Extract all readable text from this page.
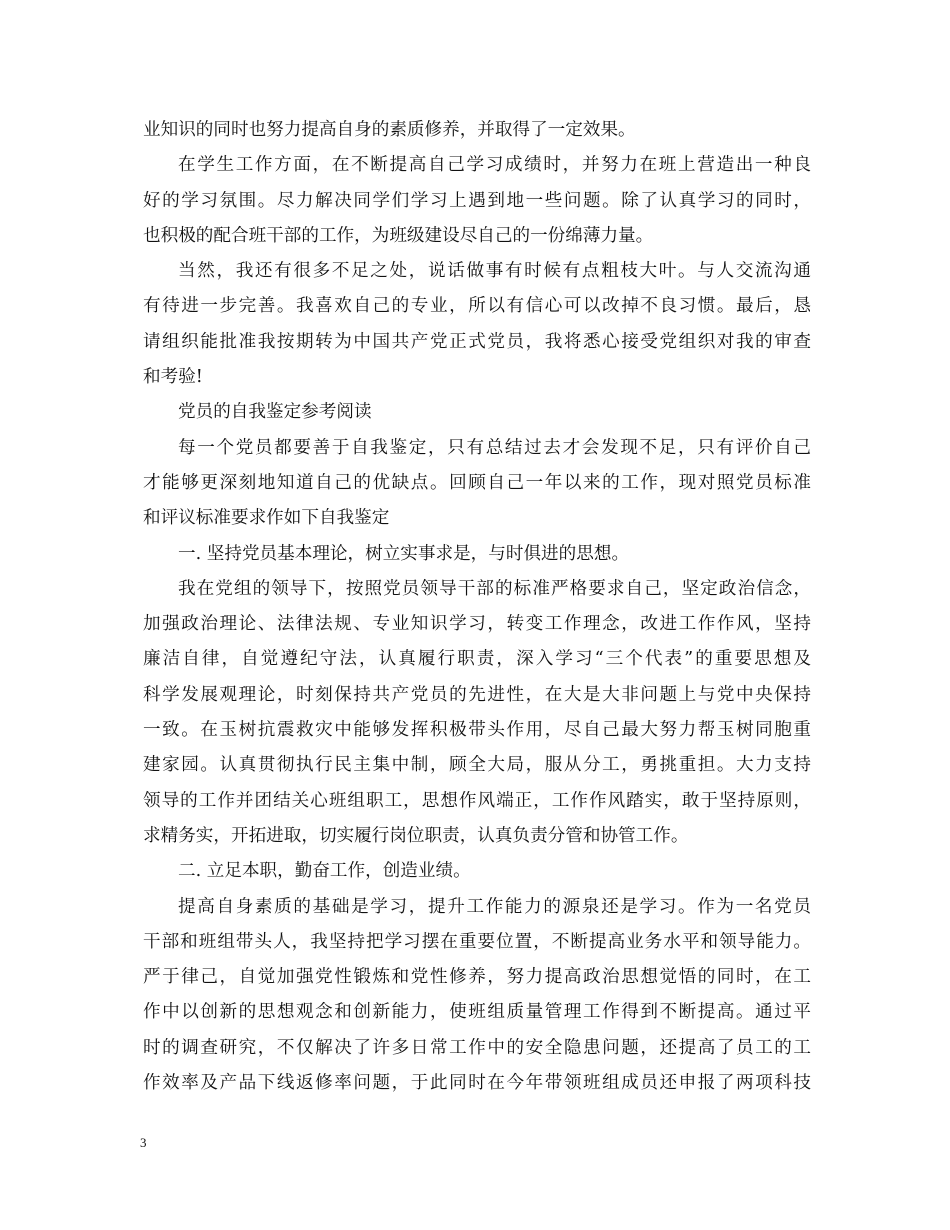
业知识的同时也努力提高自身的素质修养，并取得了一定效果。
在学生工作方面，在不断提高自己学习成绩时，并努力在班上营造出一种良
好的学习氛围。尽力解决同学们学习上遇到地一些问题。除了认真学习的同时，
也积极的配合班干部的工作，为班级建设尽自己的一份绵薄力量。
当然，我还有很多不足之处，说话做事有时候有点粗枝大叶。与人交流沟通
有待进一步完善。我喜欢自己的专业，所以有信心可以改掉不良习惯。最后，恳
请组织能批准我按期转为中国共产党正式党员，我将悉心接受党组织对我的审查
和考验!
党员的自我鉴定参考阅读
每一个党员都要善于自我鉴定，只有总结过去才会发现不足，只有评价自己
才能够更深刻地知道自己的优缺点。回顾自己一年以来的工作，现对照党员标准
和评议标准要求作如下自我鉴定
一. 坚持党员基本理论，树立实事求是，与时俱进的思想。
我在党组的领导下，按照党员领导干部的标准严格要求自己，坚定政治信念，
加强政治理论、法律法规、专业知识学习，转变工作理念，改进工作作风，坚持
廉洁自律，自觉遵纪守法，认真履行职责，深入学习“三个代表”的重要思想及
科学发展观理论，时刻保持共产党员的先进性，在大是大非问题上与党中央保持
一致。在玉树抗震救灾中能够发挥积极带头作用，尽自己最大努力帮玉树同胞重
建家园。认真贯彻执行民主集中制，顾全大局，服从分工，勇挑重担。大力支持
领导的工作并团结关心班组职工，思想作风端正，工作作风踏实，敢于坚持原则，
求精务实，开拓进取，切实履行岗位职责，认真负责分管和协管工作。
二. 立足本职，勤奋工作，创造业绩。
提高自身素质的基础是学习，提升工作能力的源泉还是学习。作为一名党员
干部和班组带头人，我坚持把学习摆在重要位置，不断提高业务水平和领导能力。
严于律己，自觉加强党性锻炼和党性修养，努力提高政治思想觉悟的同时，在工
作中以创新的思想观念和创新能力，使班组质量管理工作得到不断提高。通过平
时的调查研究，不仅解决了许多日常工作中的安全隐患问题，还提高了员工的工
作效率及产品下线返修率问题，于此同时在今年带领班组成员还申报了两项科技
3
